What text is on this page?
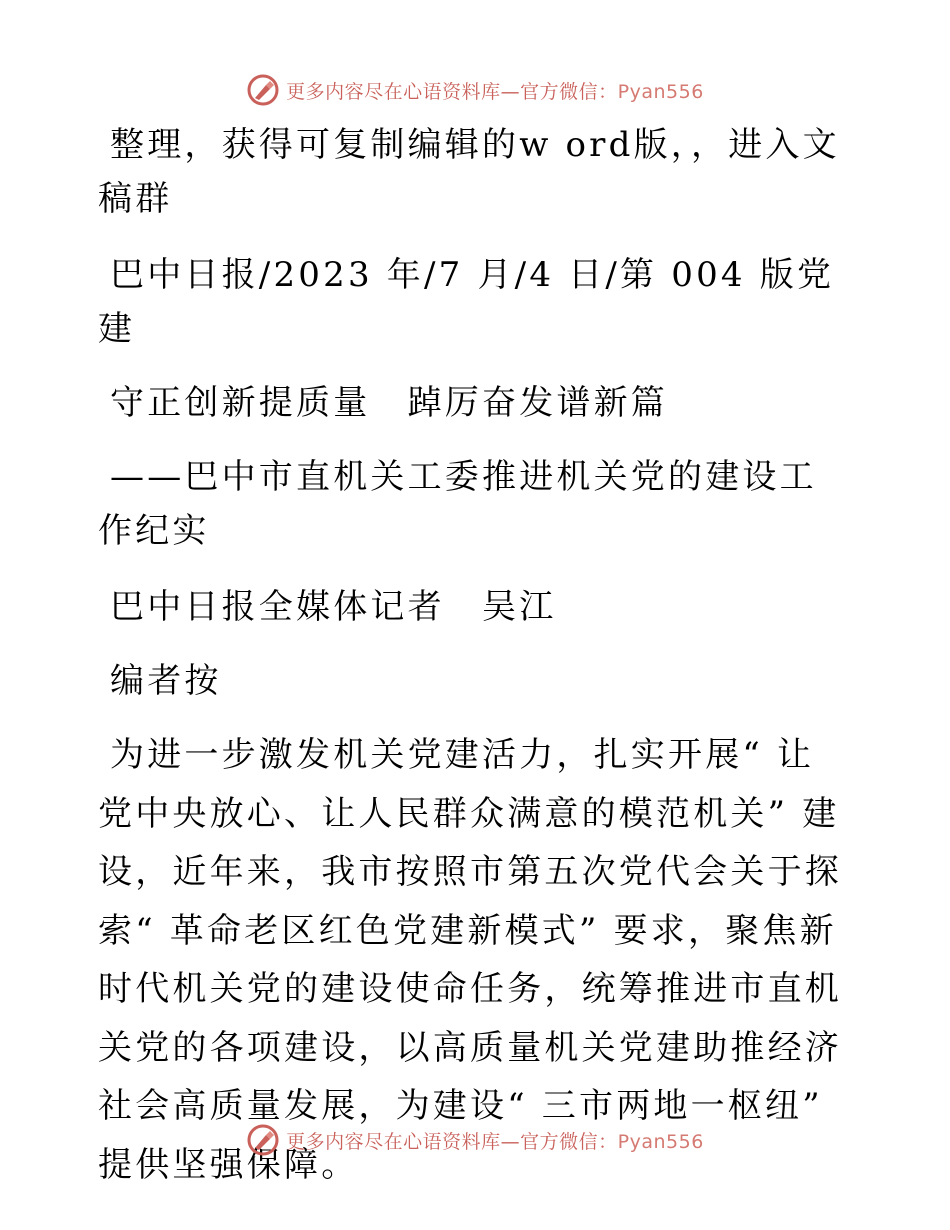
更多内容尽在心语资料库—官方微信：Pyan556

整理，获得可复制编辑的w ord版，，进入文稿群

巴中日报/2023 年/7 月/4 日/第 004 版党建

守正创新提质量　踔厉奋发谱新篇

——巴中市直机关工委推进机关党的建设工作纪实

巴中日报全媒体记者　吴江

编者按

为进一步激发机关党建活力，扎实开展“ 让党中央放心、让人民群众满意的模范机关” 建设，近年来，我市按照市第五次党代会关于探索“ 革命老区红色党建新模式” 要求，聚焦新时代机关党的建设使命任务，统筹推进市直机关党的各项建设，以高质量机关党建助推经济社会高质量发展，为建设“ 三市两地一枢纽” 提供坚强保障。

更多内容尽在心语资料库—官方微信：Pyan556
